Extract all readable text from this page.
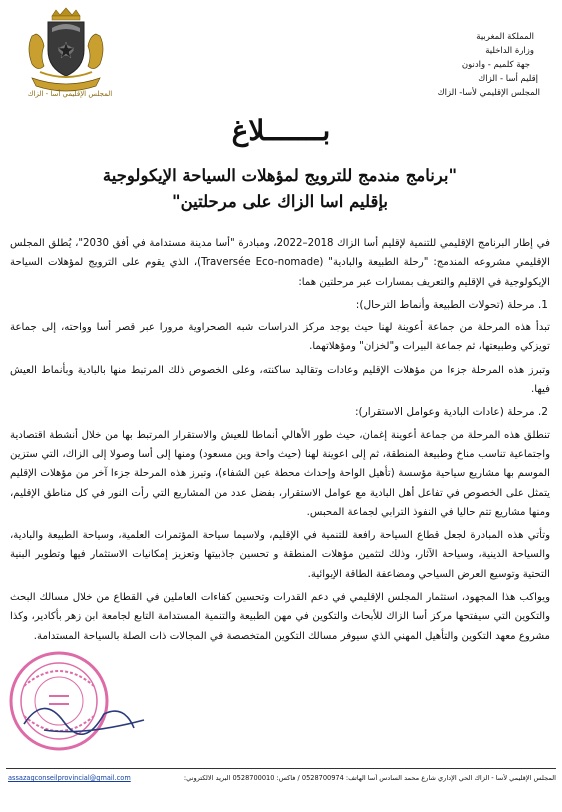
المجلس الإقليمي أسا - الزاك
المملكة المغربية
وزارة الداخلية
جهة كلميم - وادنون
إقليم أسا - الزاك
المجلس الإقليمي لأسا- الزاك
بـــــــلاغ
"برنامج مندمج للترويج لمؤهلات السياحة الإيكولوجية
بإقليم اسا الزاك على مرحلتين"

في إطار البرنامج الإقليمي للتنمية لإقليم أسا الزاك 2018–2022، ومبادرة "أسا مدينة مستدامة في أفق 2030"، يُطلق المجلس الإقليمي مشروعه المندمج: "رحلة الطبيعة والبادية" (Traversée Eco-nomade)، الذي يقوم على الترويج لمؤهلات السياحة الإيكولوجية في الإقليم والتعريف بمسارات عبر مرحلتين هما:

1. مرحلة (تحولات الطبيعة وأنماط الترحال):

تبدأ هذه المرحلة من جماعة أعوينة لهنا حيث يوجد مركز الدراسات شبه الصحراوية مرورا عبر قصر أسا وواحته، إلى جماعة تويزكي وطبيعتها، ثم جماعة البيرات و"لخزان" ومؤهلاتهما.

وتبرز هذه المرحلة جزءا من مؤهلات الإقليم وعادات وتقاليد ساكنته، وعلى الخصوص ذلك المرتبط منها بالبادية وبأنماط العيش فيها.

2. مرحلة (عادات البادية وعوامل الاستقرار):

تنطلق هذه المرحلة من جماعة أعوينة إغمان، حيث طور الأهالي أنماطا للعيش والاستقرار المرتبط بها من خلال أنشطة اقتصادية واجتماعية تناسب مناخ وطبيعة المنطقة، ثم إلى اعوينة لهنا (حيث واحة وين مسعود) ومنها إلى أسا وصولا إلى الزاك، التي ستزين الموسم بها مشاريع سياحية مؤسسة (تأهيل الواحة وإحداث محطة عين الشفاء)، وتبرز هذه المرحلة جزءا آخر من مؤهلات الإقليم يتمثل على الخصوص في تفاعل أهل البادية مع عوامل الاستقرار، بفضل عدد من المشاريع التي رأت النور في كل مناطق الإقليم، ومنها مشاريع تتم حاليا في النفوذ الترابي لجماعة المحبس.

وتأتي هذه المبادرة لجعل قطاع السياحة رافعة للتنمية في الإقليم، ولاسيما سياحة المؤتمرات العلمية، وسياحة الطبيعة والبادية، والسياحة الدينية، وسياحة الآثار، وذلك لتثمين مؤهلات المنطقة و تحسين جاذبيتها وتعزيز إمكانيات الاستثمار فيها وتطوير البنية التحتية وتوسيع العرض السياحي ومضاعفة الطاقة الإيوائية.

ويواكب هذا المجهود، استثمار المجلس الإقليمي في دعم القدرات وتحسين كفاءات العاملين في القطاع من خلال مسالك البحث والتكوين التي سيفتحها مركز أسا الزاك للأبحاث والتكوين في مهن الطبيعة والتنمية المستدامة التابع لجامعة ابن زهر بأكادير، وكذا مشروع معهد التكوين والتأهيل المهني الذي سيوفر مسالك التكوين المتخصصة في المجالات ذات الصلة بالسياحة المستدامة.

assazagconseilprovincial@gmail.com	المجلس الإقليمي لأسا - الزاك الحي الإداري شارع محمد السادس أسا الهاتف: 0528700974 / فاكس: 0528700010 البريد الالكتروني:
